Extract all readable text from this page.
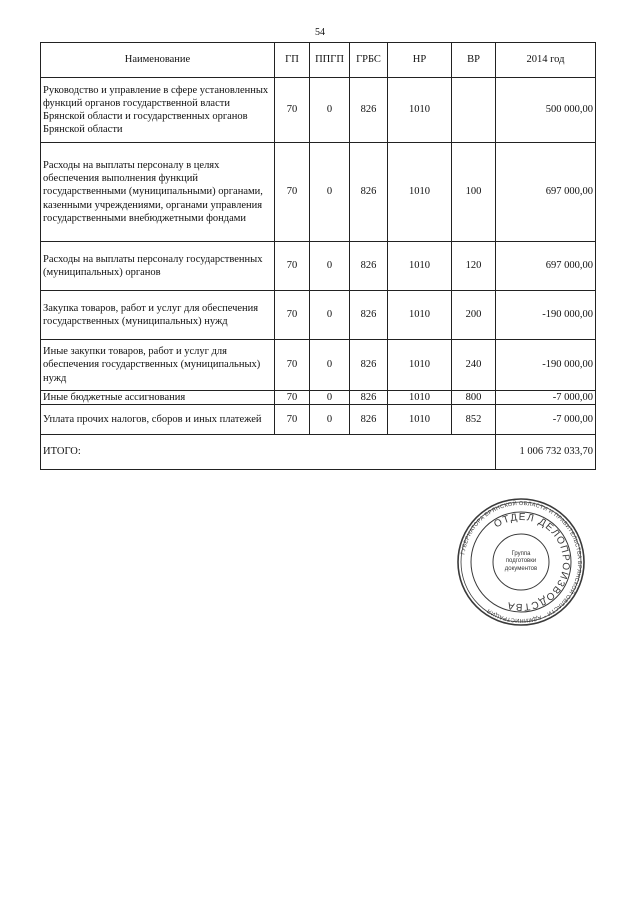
54
Наименование	ГП	ППГП	ГРБС	НР	ВР	2014 год
Руководство и управление в сфере установленных функций органов государственной власти Брянской области и государственных органов Брянской области	70	0	826	1010		500 000,00
Расходы на выплаты персоналу в целях обеспечения выполнения функций государственными (муниципальными) органами, казенными учреждениями, органами управления государственными внебюджетными фондами	70	0	826	1010	100	697 000,00
Расходы на выплаты персоналу государственных (муниципальных) органов	70	0	826	1010	120	697 000,00
Закупка товаров, работ и услуг для обеспечения государственных (муниципальных) нужд	70	0	826	1010	200	-190 000,00
Иные закупки товаров, работ и услуг для обеспечения государственных (муниципальных) нужд	70	0	826	1010	240	-190 000,00
Иные бюджетные ассигнования	70	0	826	1010	800	-7 000,00
Уплата прочих налогов, сборов и иных платежей	70	0	826	1010	852	-7 000,00
ИТОГО:						1 006 732 033,70
ГУБЕРНАТОРА БРЯНСКОЙ ОБЛАСТИ И ПРАВИТЕЛЬСТВА БРЯНСКОЙ ОБЛАСТИ * АДМИНИСТРАЦИЯ
ОТДЕЛ ДЕЛОПРОИЗВОДСТВА
Группа
подготовки
документов
